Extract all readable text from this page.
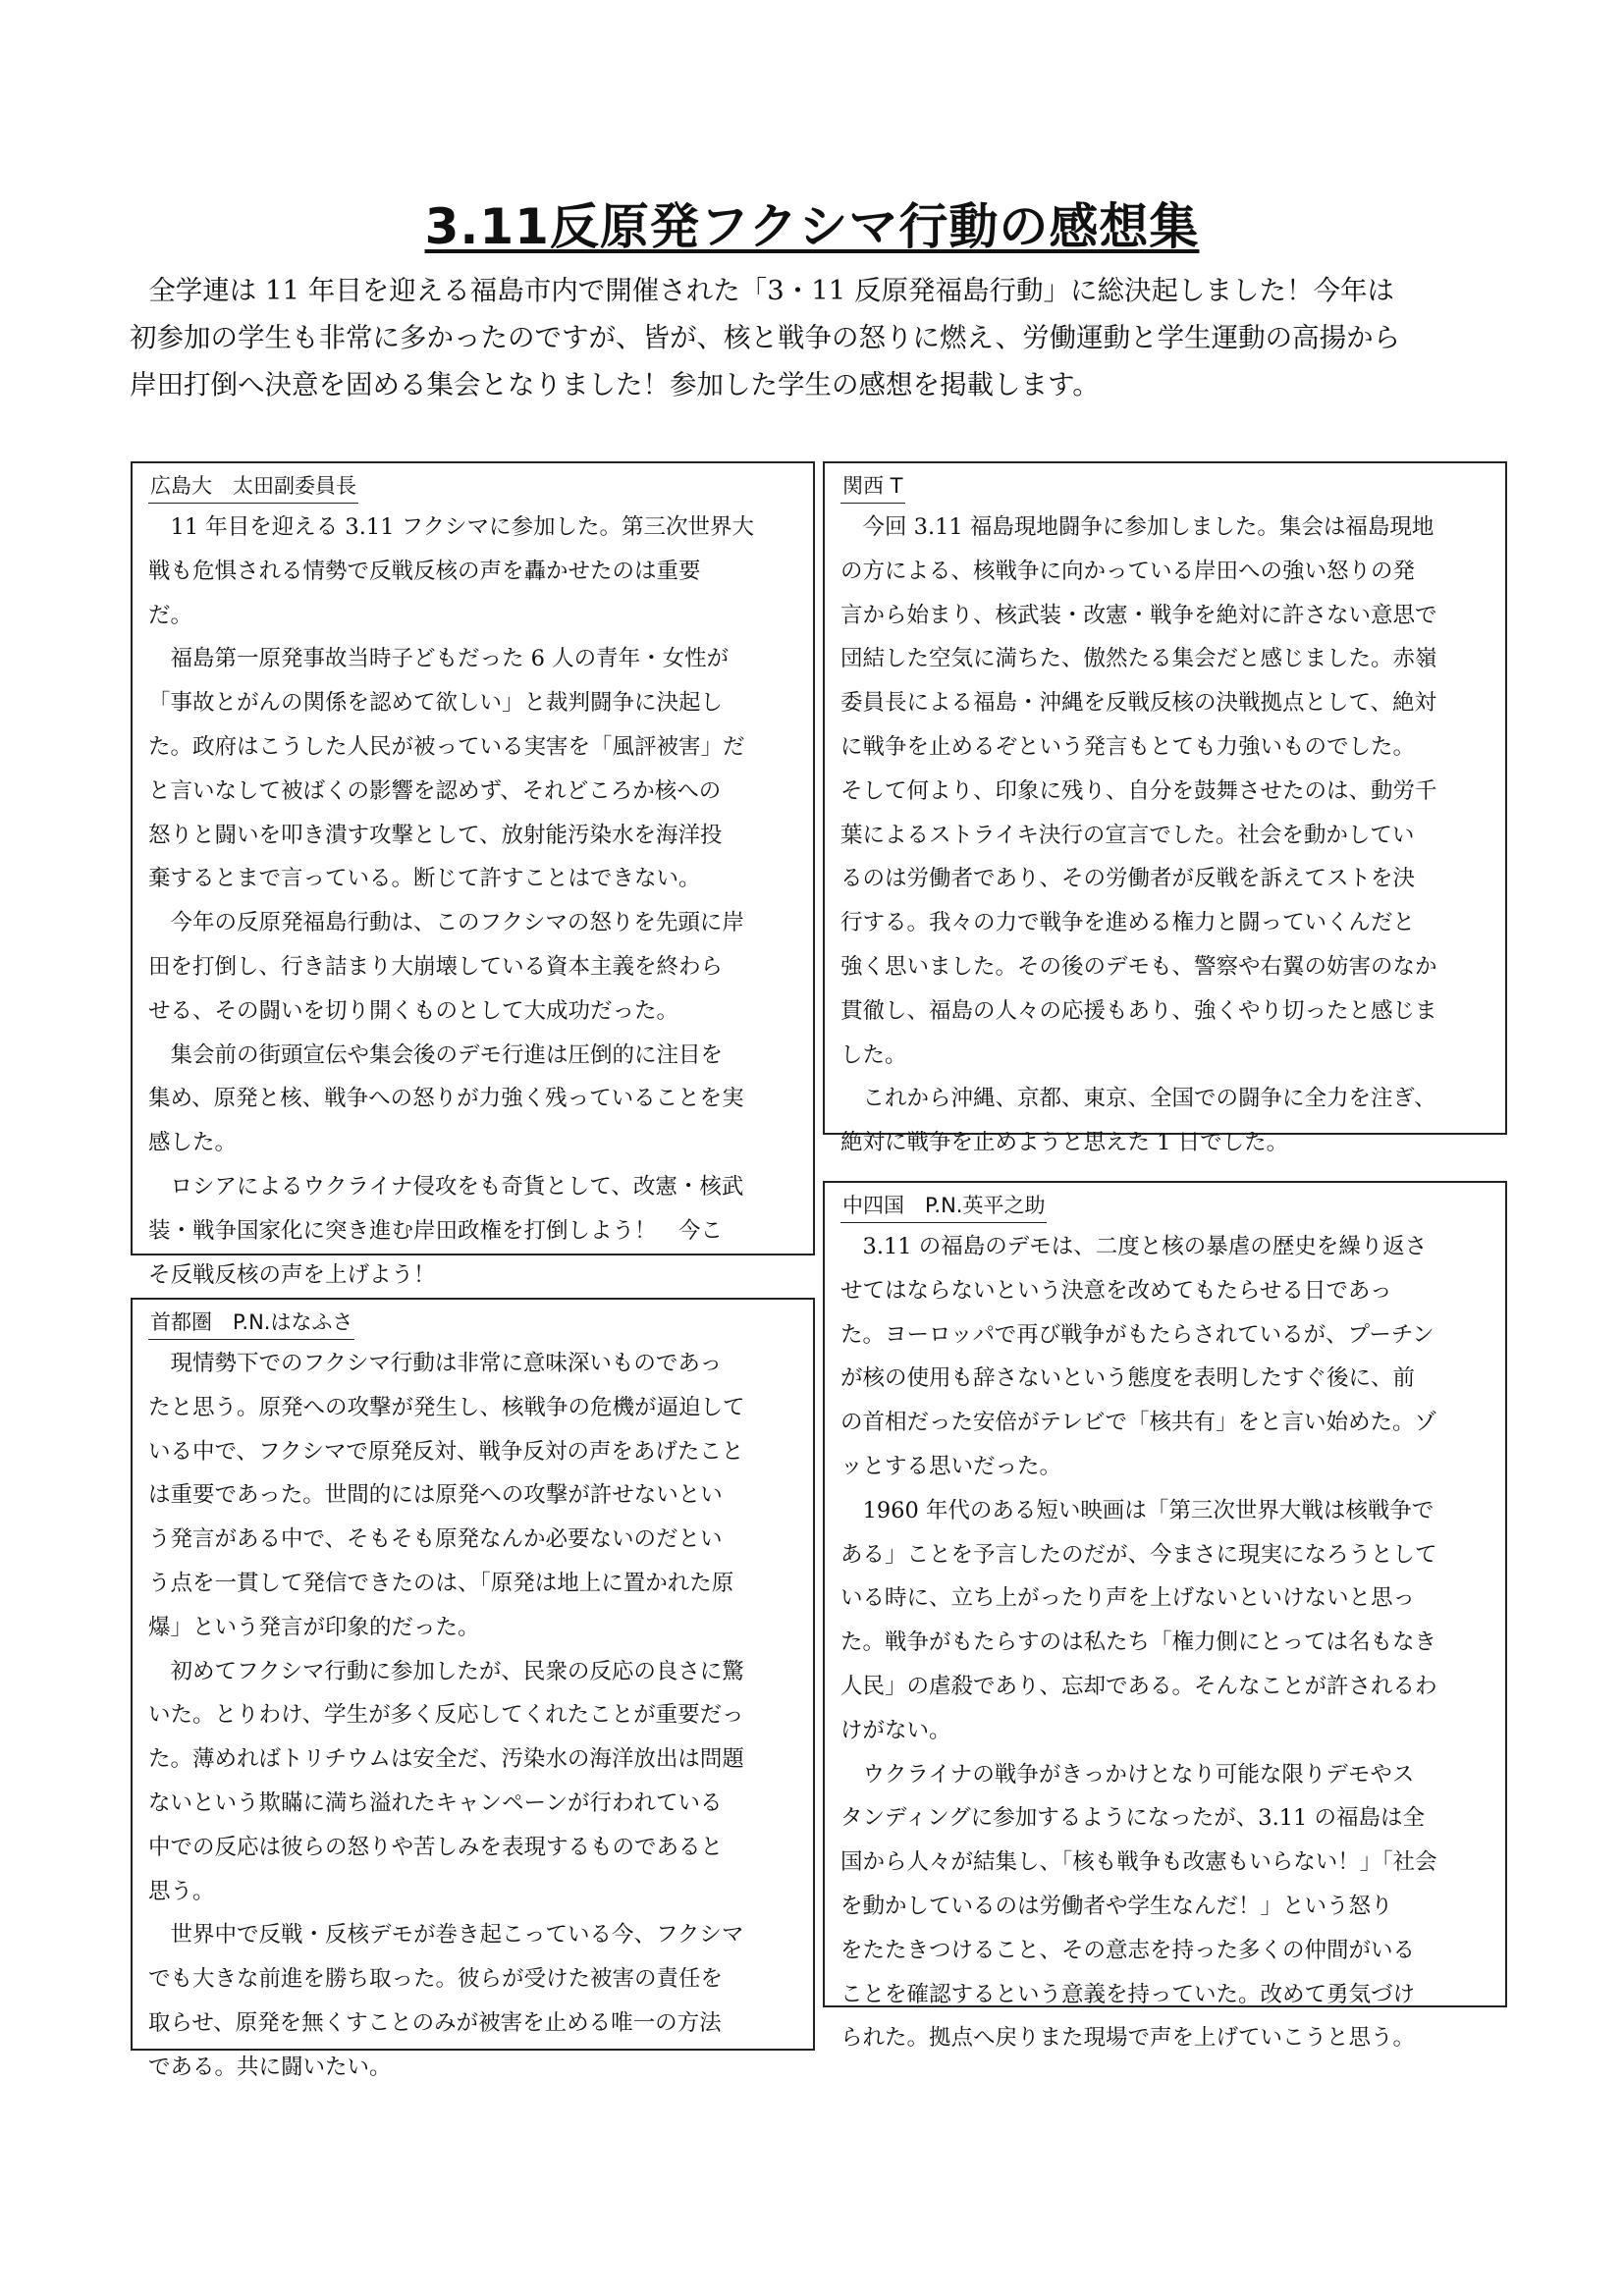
3.11反原発フクシマ行動の感想集

全学連は 11 年目を迎える福島市内で開催された「3・11 反原発福島行動」に総決起しました！今年は

初参加の学生も非常に多かったのですが、皆が、核と戦争の怒りに燃え、労働運動と学生運動の高揚から

岸田打倒へ決意を固める集会となりました！参加した学生の感想を掲載します。

広島大　太田副委員長

11 年目を迎える 3.11 フクシマに参加した。第三次世界大
戦も危惧される情勢で反戦反核の声を轟かせたのは重要
だ。
福島第一原発事故当時子どもだった 6 人の青年・女性が
「事故とがんの関係を認めて欲しい」と裁判闘争に決起し
た。政府はこうした人民が被っている実害を「風評被害」だ
と言いなして被ばくの影響を認めず、それどころか核への
怒りと闘いを叩き潰す攻撃として、放射能汚染水を海洋投
棄するとまで言っている。断じて許すことはできない。
今年の反原発福島行動は、このフクシマの怒りを先頭に岸
田を打倒し、行き詰まり大崩壊している資本主義を終わら
せる、その闘いを切り開くものとして大成功だった。
集会前の街頭宣伝や集会後のデモ行進は圧倒的に注目を
集め、原発と核、戦争への怒りが力強く残っていることを実
感した。
ロシアによるウクライナ侵攻をも奇貨として、改憲・核武
装・戦争国家化に突き進む岸田政権を打倒しよう！　今こ
そ反戦反核の声を上げよう！

関西 T

今回 3.11 福島現地闘争に参加しました。集会は福島現地
の方による、核戦争に向かっている岸田への強い怒りの発
言から始まり、核武装・改憲・戦争を絶対に許さない意思で
団結した空気に満ちた、傲然たる集会だと感じました。赤嶺
委員長による福島・沖縄を反戦反核の決戦拠点として、絶対
に戦争を止めるぞという発言もとても力強いものでした。
そして何より、印象に残り、自分を鼓舞させたのは、動労千
葉によるストライキ決行の宣言でした。社会を動かしてい
るのは労働者であり、その労働者が反戦を訴えてストを決
行する。我々の力で戦争を進める権力と闘っていくんだと
強く思いました。その後のデモも、警察や右翼の妨害のなか
貫徹し、福島の人々の応援もあり、強くやり切ったと感じま
した。
これから沖縄、京都、東京、全国での闘争に全力を注ぎ、
絶対に戦争を止めようと思えた 1 日でした。

首都圏　P.N.はなふさ

現情勢下でのフクシマ行動は非常に意味深いものであっ
たと思う。原発への攻撃が発生し、核戦争の危機が逼迫して
いる中で、フクシマで原発反対、戦争反対の声をあげたこと
は重要であった。世間的には原発への攻撃が許せないとい
う発言がある中で、そもそも原発なんか必要ないのだとい
う点を一貫して発信できたのは、「原発は地上に置かれた原
爆」という発言が印象的だった。
初めてフクシマ行動に参加したが、民衆の反応の良さに驚
いた。とりわけ、学生が多く反応してくれたことが重要だっ
た。薄めればトリチウムは安全だ、汚染水の海洋放出は問題
ないという欺瞞に満ち溢れたキャンペーンが行われている
中での反応は彼らの怒りや苦しみを表現するものであると
思う。
世界中で反戦・反核デモが巻き起こっている今、フクシマ
でも大きな前進を勝ち取った。彼らが受けた被害の責任を
取らせ、原発を無くすことのみが被害を止める唯一の方法
である。共に闘いたい。

中四国　P.N.英平之助

3.11 の福島のデモは、二度と核の暴虐の歴史を繰り返さ
せてはならないという決意を改めてもたらせる日であっ
た。ヨーロッパで再び戦争がもたらされているが、プーチン
が核の使用も辞さないという態度を表明したすぐ後に、前
の首相だった安倍がテレビで「核共有」をと言い始めた。ゾ
ッとする思いだった。
1960 年代のある短い映画は「第三次世界大戦は核戦争で
ある」ことを予言したのだが、今まさに現実になろうとして
いる時に、立ち上がったり声を上げないといけないと思っ
た。戦争がもたらすのは私たち「権力側にとっては名もなき
人民」の虐殺であり、忘却である。そんなことが許されるわ
けがない。
ウクライナの戦争がきっかけとなり可能な限りデモやス
タンディングに参加するようになったが、3.11 の福島は全
国から人々が結集し、「核も戦争も改憲もいらない！」「社会
を動かしているのは労働者や学生なんだ！」という怒り
をたたきつけること、その意志を持った多くの仲間がいる
ことを確認するという意義を持っていた。改めて勇気づけ
られた。拠点へ戻りまた現場で声を上げていこうと思う。
